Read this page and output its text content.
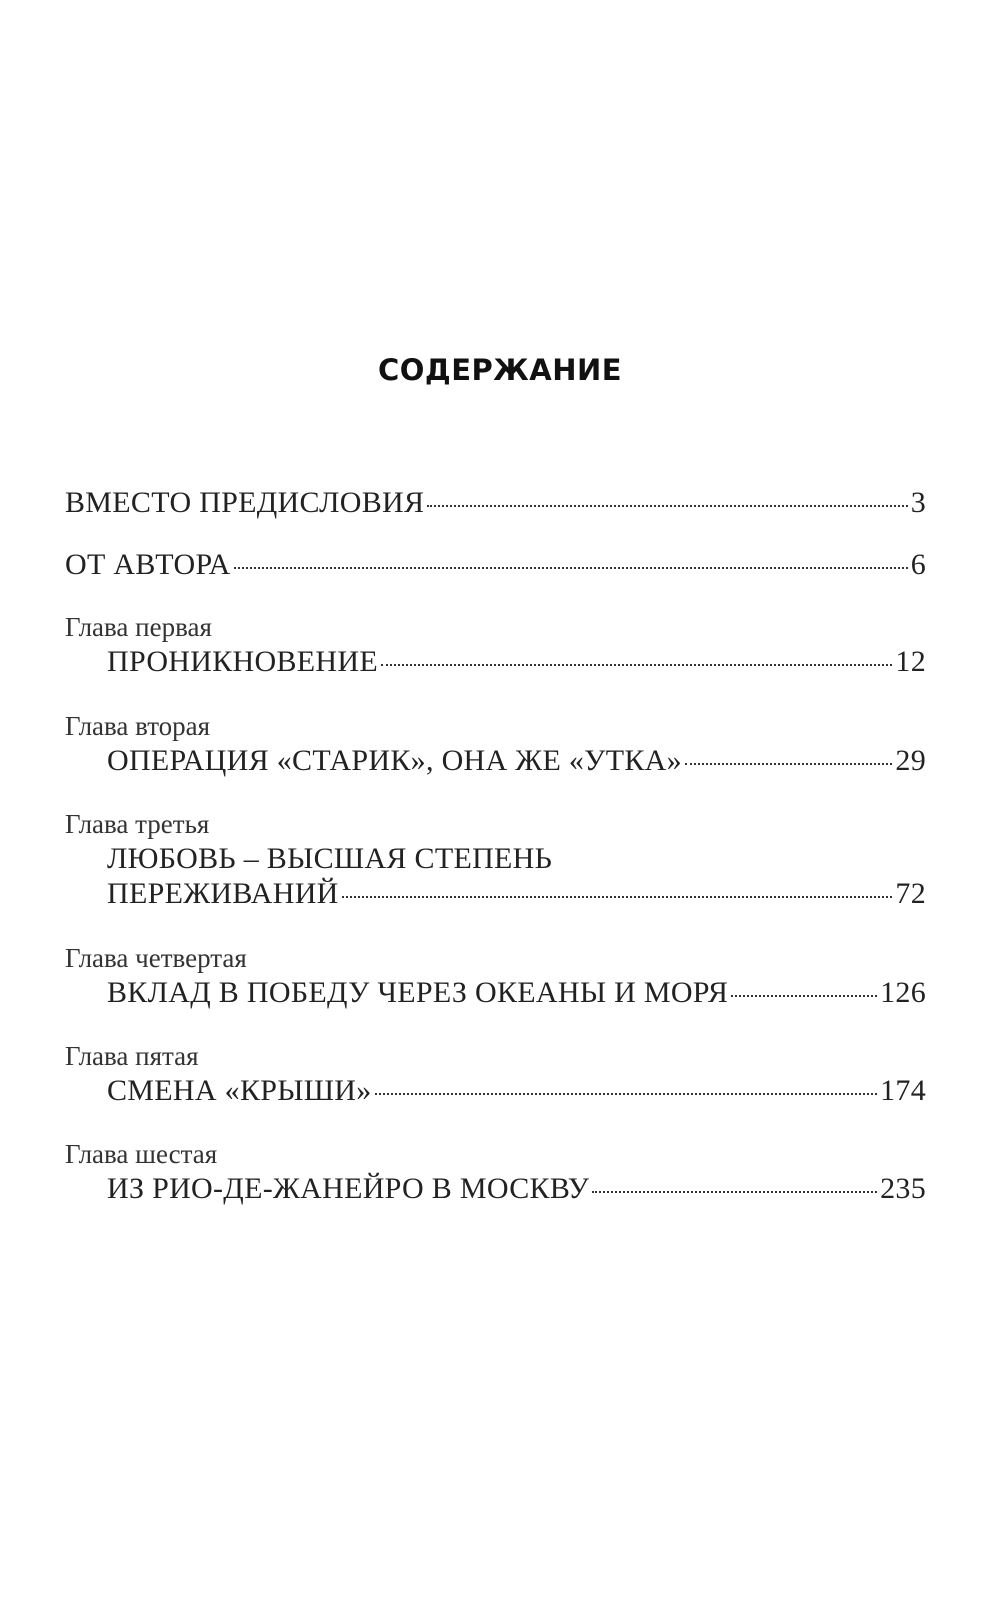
СОДЕРЖАНИЕ
ВМЕСТО ПРЕДИСЛОВИЯ	3
ОТ АВТОРА	6
Глава первая
ПРОНИКНОВЕНИЕ	12
Глава вторая
ОПЕРАЦИЯ «СТАРИК», ОНА ЖЕ «УТКА»	29
Глава третья
ЛЮБОВЬ – ВЫСШАЯ СТЕПЕНЬ
ПЕРЕЖИВАНИЙ	72
Глава четвертая
ВКЛАД В ПОБЕДУ ЧЕРЕЗ ОКЕАНЫ И МОРЯ	126
Глава пятая
СМЕНА «КРЫШИ»	174
Глава шестая
ИЗ РИО-ДЕ-ЖАНЕЙРО В МОСКВУ	235
